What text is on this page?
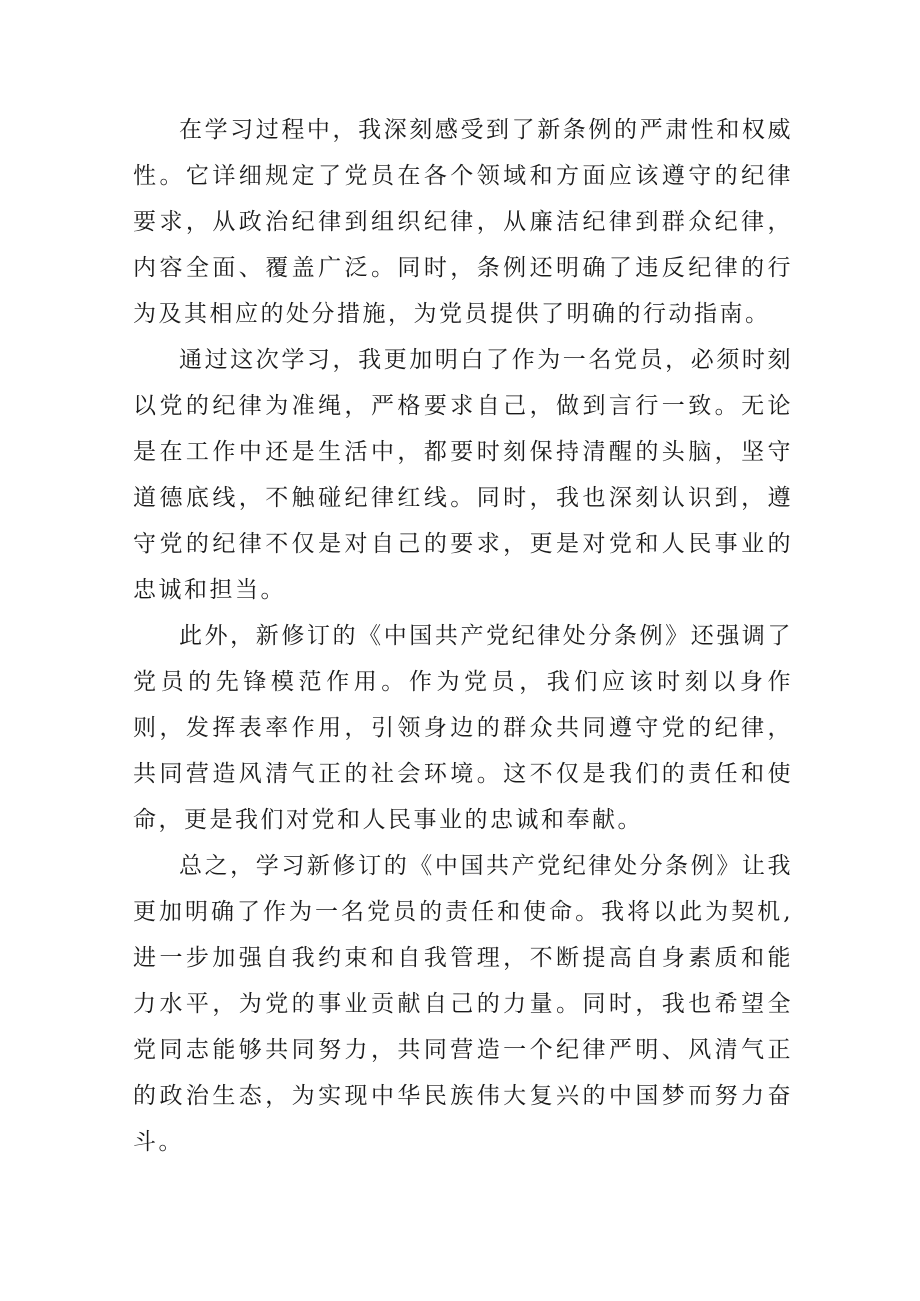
在学习过程中，我深刻感受到了新条例的严肃性和权威性。它详细规定了党员在各个领域和方面应该遵守的纪律要求，从政治纪律到组织纪律，从廉洁纪律到群众纪律，内容全面、覆盖广泛。同时，条例还明确了违反纪律的行为及其相应的处分措施，为党员提供了明确的行动指南。

通过这次学习，我更加明白了作为一名党员，必须时刻以党的纪律为准绳，严格要求自己，做到言行一致。无论是在工作中还是生活中，都要时刻保持清醒的头脑，坚守道德底线，不触碰纪律红线。同时，我也深刻认识到，遵守党的纪律不仅是对自己的要求，更是对党和人民事业的忠诚和担当。

此外，新修订的《中国共产党纪律处分条例》还强调了党员的先锋模范作用。作为党员，我们应该时刻以身作则，发挥表率作用，引领身边的群众共同遵守党的纪律，共同营造风清气正的社会环境。这不仅是我们的责任和使命，更是我们对党和人民事业的忠诚和奉献。

总之，学习新修订的《中国共产党纪律处分条例》让我更加明确了作为一名党员的责任和使命。我将以此为契机,进一步加强自我约束和自我管理，不断提高自身素质和能力水平，为党的事业贡献自己的力量。同时，我也希望全党同志能够共同努力，共同营造一个纪律严明、风清气正的政治生态，为实现中华民族伟大复兴的中国梦而努力奋斗。
